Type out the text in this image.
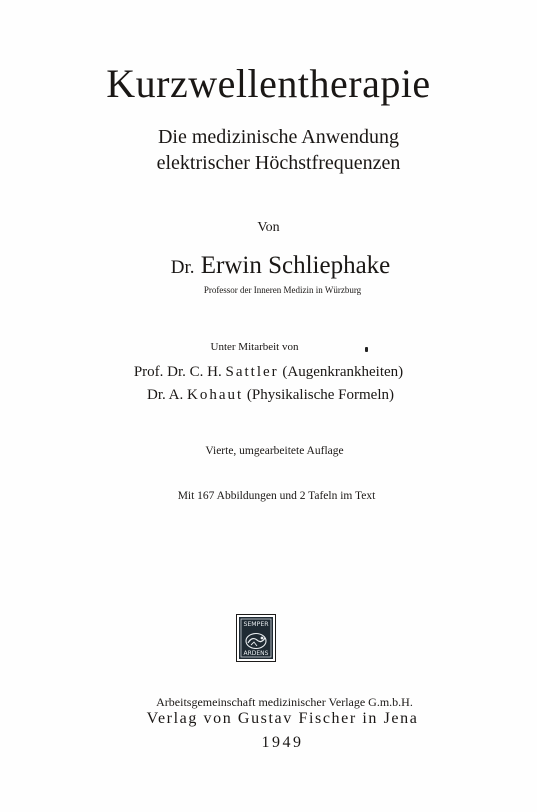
Kurzwellentherapie
Die medizinische Anwendung
elektrischer Höchstfrequenzen
Von
Dr. Erwin Schliephake
Professor der Inneren Medizin in Würzburg
Unter Mitarbeit von
Prof. Dr. C. H. Sattler (Augenkrankheiten)
Dr. A. Kohaut (Physikalische Formeln)
Vierte, umgearbeitete Auflage
Mit 167 Abbildungen und 2 Tafeln im Text
SEMPER
ARDENS
Arbeitsgemeinschaft medizinischer Verlage G.m.b.H.
Verlag von Gustav Fischer in Jena
1949
